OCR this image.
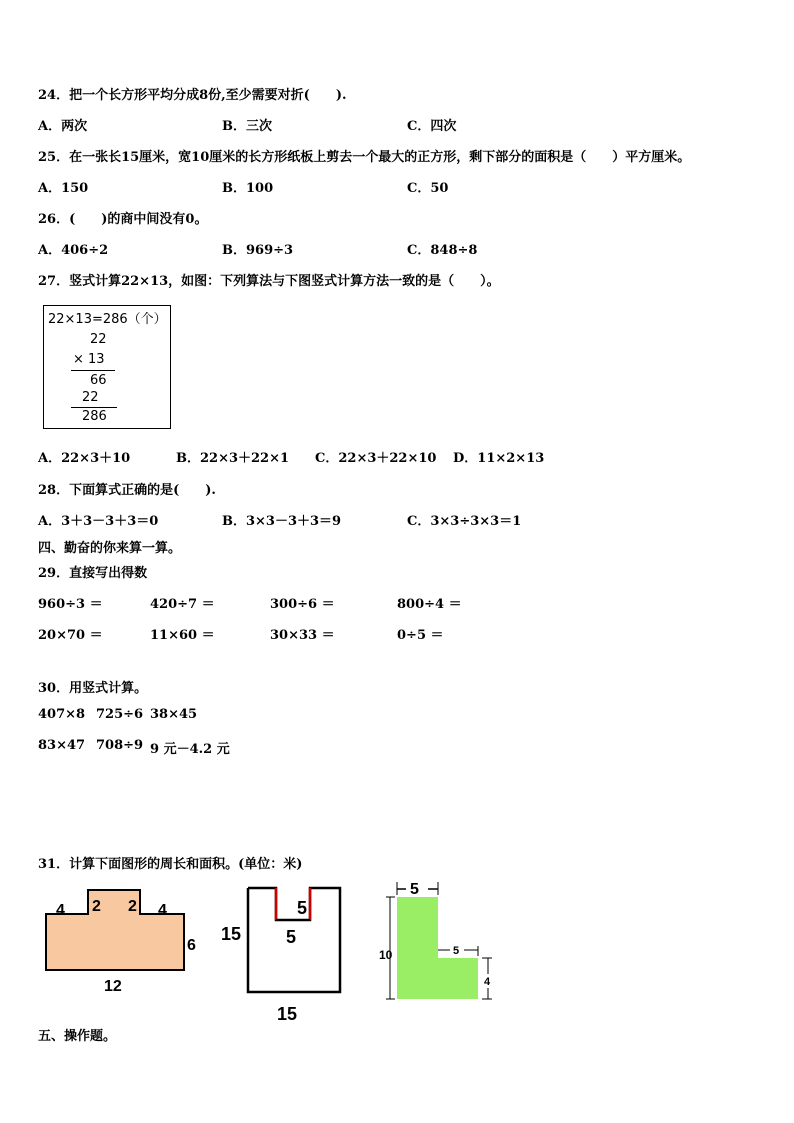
24．把一个长方形平均分成8份,至少需要对折(　　).
A．两次	B．三次	C．四次
25．在一张长15厘米，宽10厘米的长方形纸板上剪去一个最大的正方形，剩下部分的面积是（　　）平方厘米。
A．150	B．100	C．50
26．(　　)的商中间没有0。
A．406÷2	B．969÷3	C．848÷8
27．竖式计算22×13，如图：下列算法与下图竖式计算方法一致的是（　　）。
22×13=286（个）
22
× 13
66
22
286
A．22×3＋10	B．22×3＋22×1 C．22×3＋22×10 D．11×2×13
28．下面算式正确的是(　　).
A．3＋3－3＋3＝0	B．3×3－3＋3＝9	C．3×3÷3×3＝1
四、勤奋的你来算一算。
29．直接写出得数
960÷3 ＝	420÷7 ＝	300÷6 ＝	800÷4 ＝
20×70 ＝	11×60 ＝	30×33 ＝	0÷5 ＝
30．用竖式计算。
407×8 725÷6 38×45
83×47 708÷9 9 元－4.2 元
31．计算下面图形的周长和面积。(单位：米)
4 2 2 4
6
12
15
5
5
15
5
10	5
4
五、操作题。
